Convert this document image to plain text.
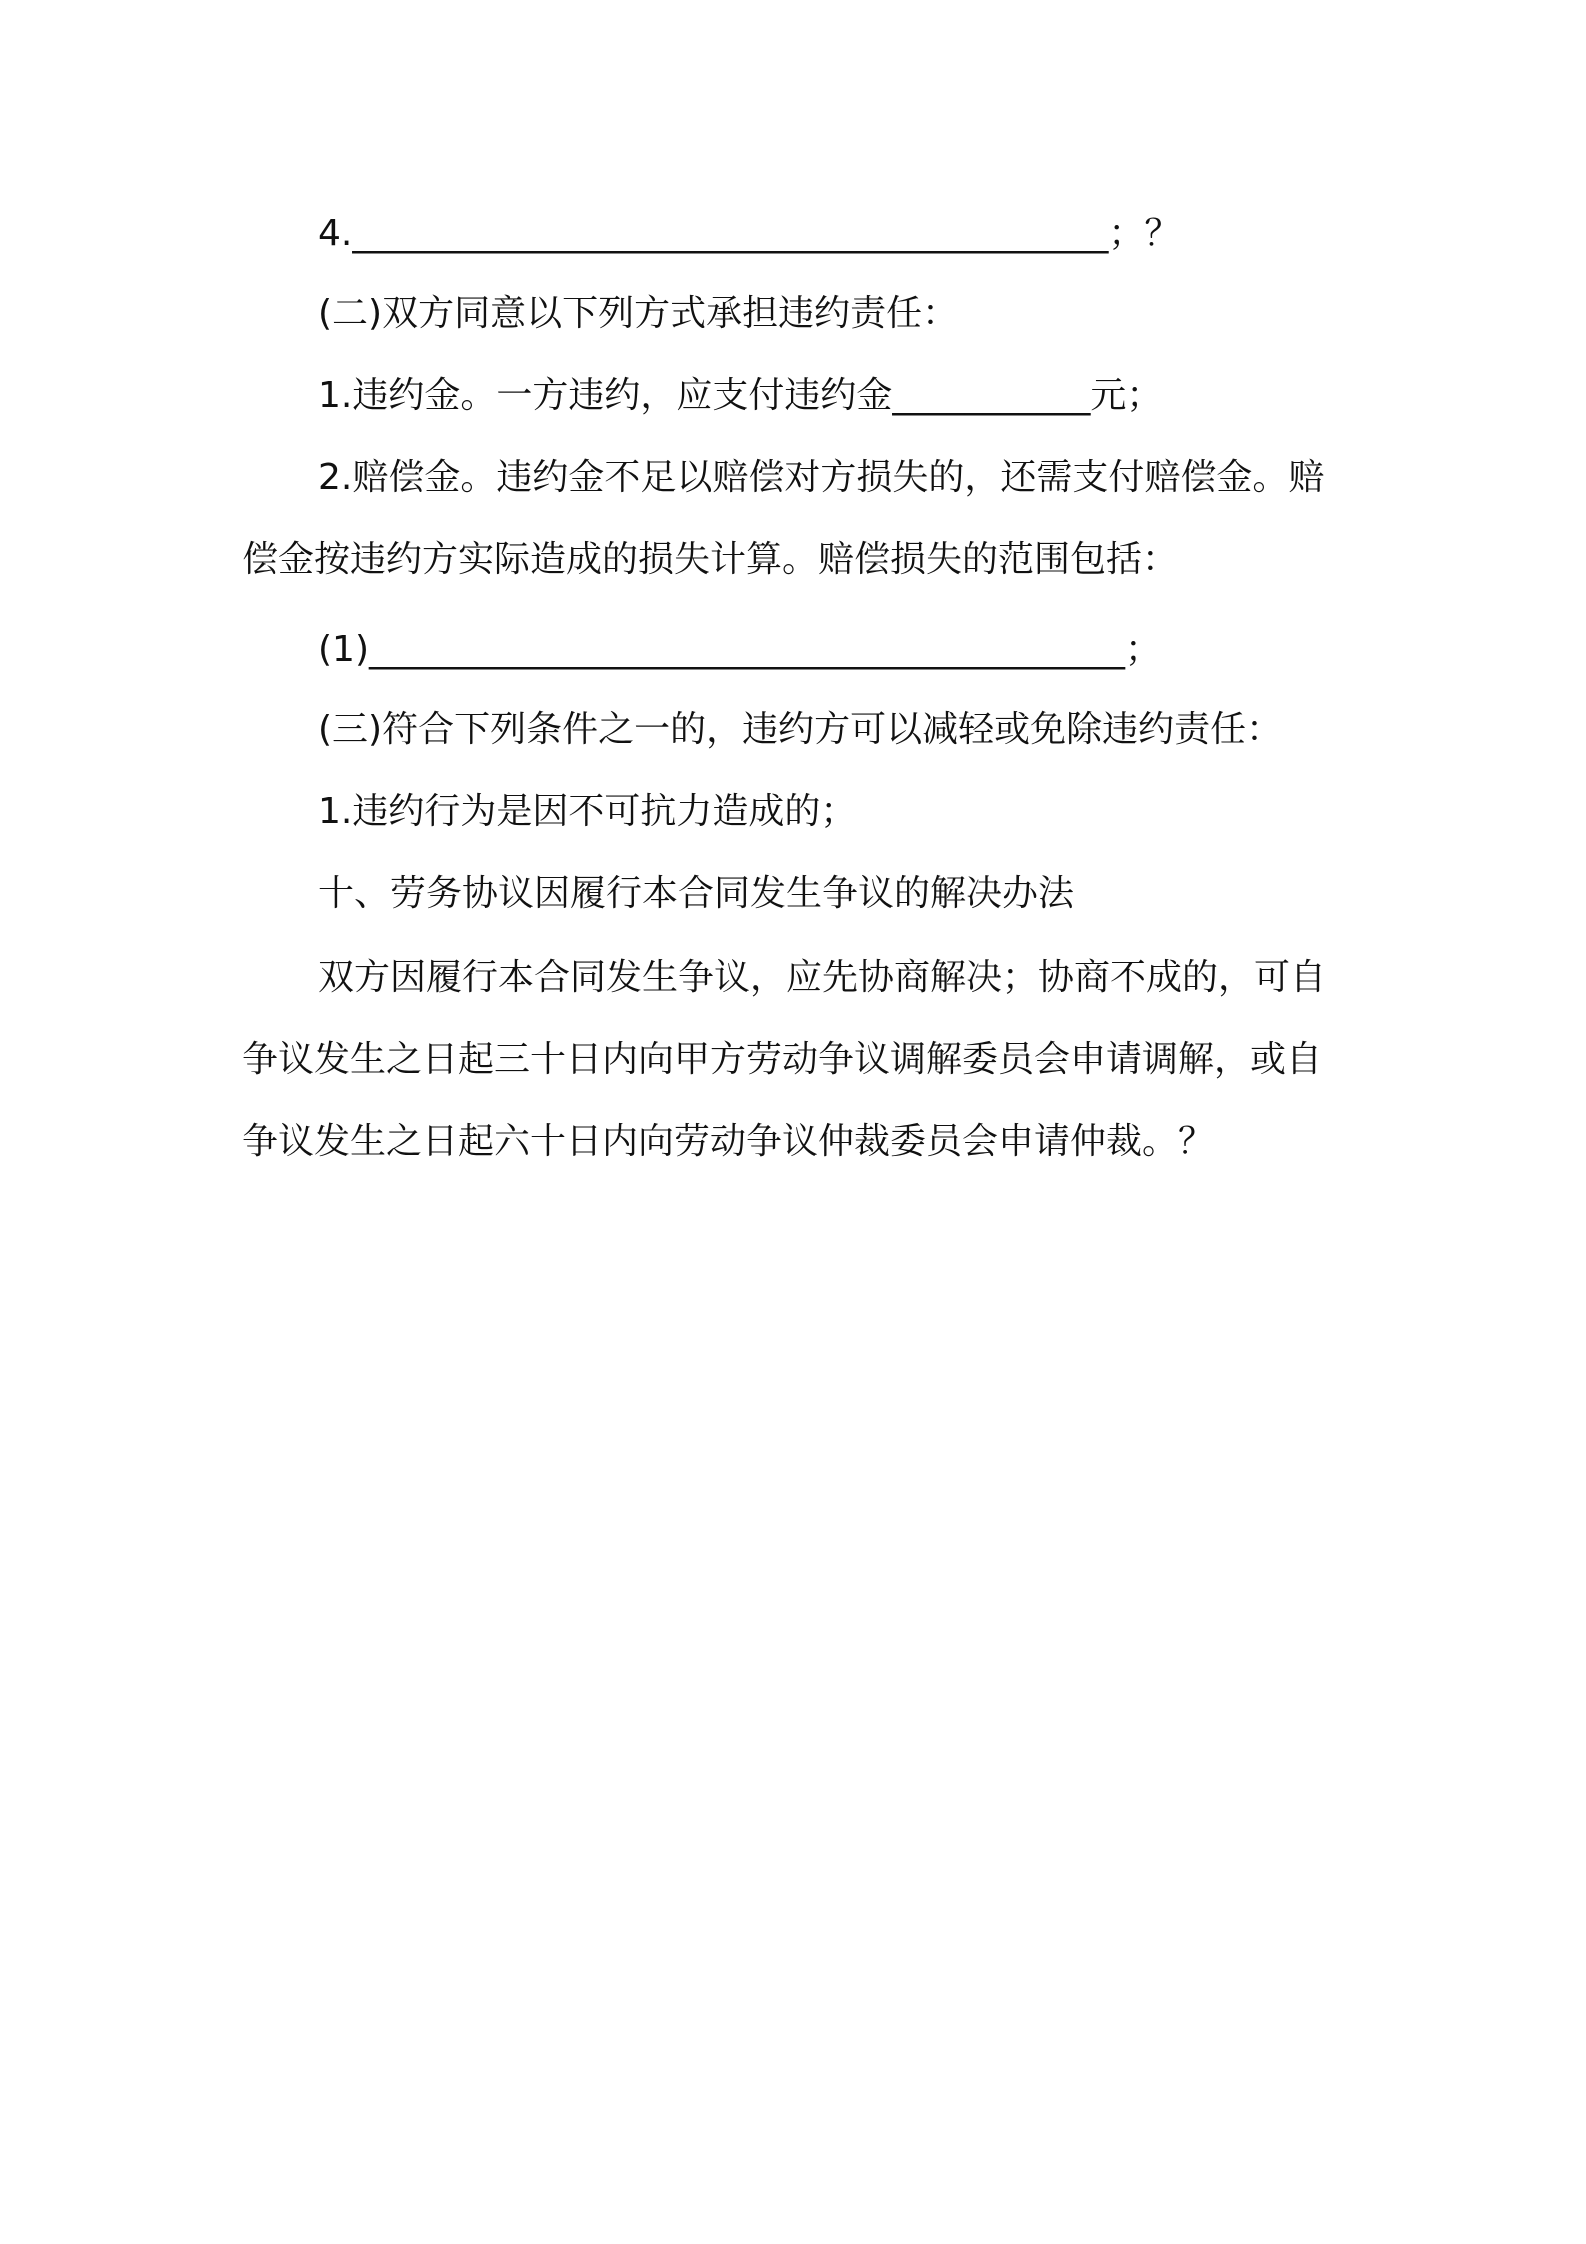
4.__________________________________________；？
(二)双方同意以下列方式承担违约责任：
1.违约金。一方违约，应支付违约金___________元；
2.赔偿金。违约金不足以赔偿对方损失的，还需支付赔偿金。赔
偿金按违约方实际造成的损失计算。赔偿损失的范围包括：
(1)__________________________________________；
(三)符合下列条件之一的，违约方可以减轻或免除违约责任：
1.违约行为是因不可抗力造成的；
十、劳务协议因履行本合同发生争议的解决办法
双方因履行本合同发生争议，应先协商解决；协商不成的，可自
争议发生之日起三十日内向甲方劳动争议调解委员会申请调解，或自
争议发生之日起六十日内向劳动争议仲裁委员会申请仲裁。？
